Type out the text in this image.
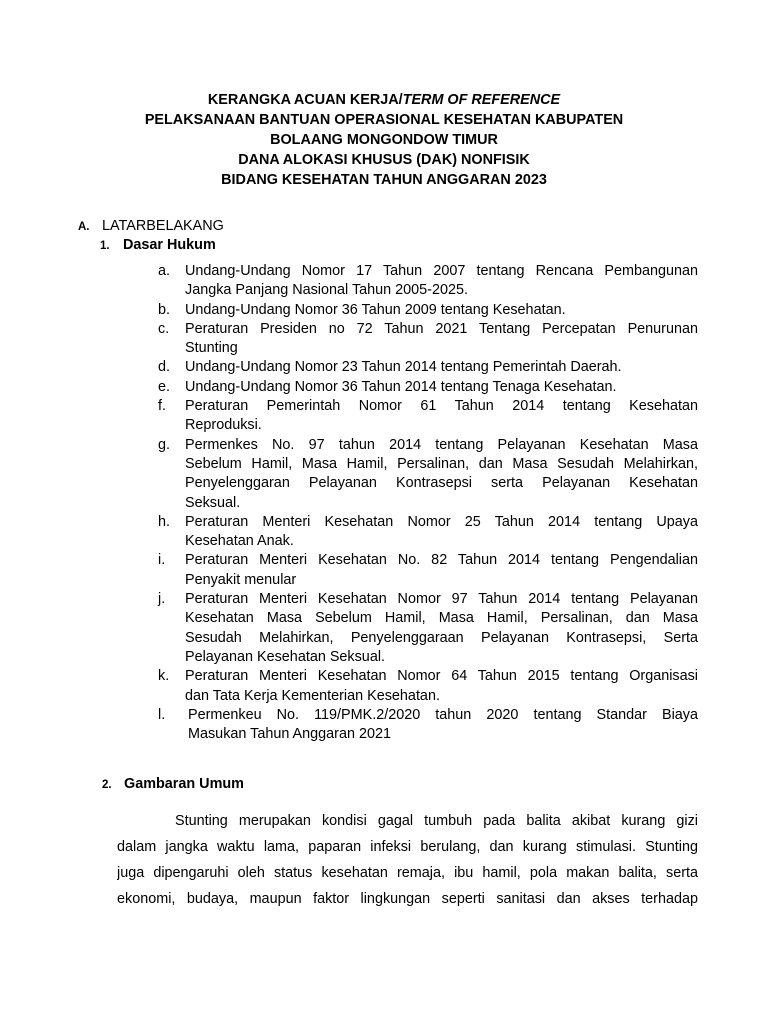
KERANGKA ACUAN KERJA/TERM OF REFERENCE
PELAKSANAAN BANTUAN OPERASIONAL KESEHATAN KABUPATEN
BOLAANG MONGONDOW TIMUR
DANA ALOKASI KHUSUS (DAK) NONFISIK
BIDANG KESEHATAN TAHUN ANGGARAN 2023
A. LATARBELAKANG
1. Dasar Hukum
a.	Undang-Undang Nomor 17 Tahun 2007 tentang Rencana Pembangunan
Jangka Panjang Nasional Tahun 2005-2025.
b.	Undang-Undang Nomor 36 Tahun 2009 tentang Kesehatan.
c.	Peraturan Presiden no 72 Tahun 2021 Tentang Percepatan Penurunan
Stunting
d.	Undang-Undang Nomor 23 Tahun 2014 tentang Pemerintah Daerah.
e.	Undang-Undang Nomor 36 Tahun 2014 tentang Tenaga Kesehatan.
f.	Peraturan Pemerintah Nomor 61 Tahun 2014 tentang Kesehatan
Reproduksi.
g.	Permenkes No. 97 tahun 2014 tentang Pelayanan Kesehatan Masa
Sebelum Hamil, Masa Hamil, Persalinan, dan Masa Sesudah Melahirkan,
Penyelenggaran Pelayanan Kontrasepsi serta Pelayanan Kesehatan
Seksual.
h.	Peraturan Menteri Kesehatan Nomor 25 Tahun 2014 tentang Upaya
Kesehatan Anak.
i.	Peraturan Menteri Kesehatan No. 82 Tahun 2014 tentang Pengendalian
Penyakit menular
j.	Peraturan Menteri Kesehatan Nomor 97 Tahun 2014 tentang Pelayanan
Kesehatan Masa Sebelum Hamil, Masa Hamil, Persalinan, dan Masa
Sesudah Melahirkan, Penyelenggaraan Pelayanan Kontrasepsi, Serta
Pelayanan Kesehatan Seksual.
k.	Peraturan Menteri Kesehatan Nomor 64 Tahun 2015 tentang Organisasi
dan Tata Kerja Kementerian Kesehatan.
l.	Permenkeu No. 119/PMK.2/2020 tahun 2020 tentang Standar Biaya
Masukan Tahun Anggaran 2021
2. Gambaran Umum
Stunting merupakan kondisi gagal tumbuh pada balita akibat kurang gizi
dalam jangka waktu lama, paparan infeksi berulang, dan kurang stimulasi. Stunting
juga dipengaruhi oleh status kesehatan remaja, ibu hamil, pola makan balita, serta
ekonomi, budaya, maupun faktor lingkungan seperti sanitasi dan akses terhadap
